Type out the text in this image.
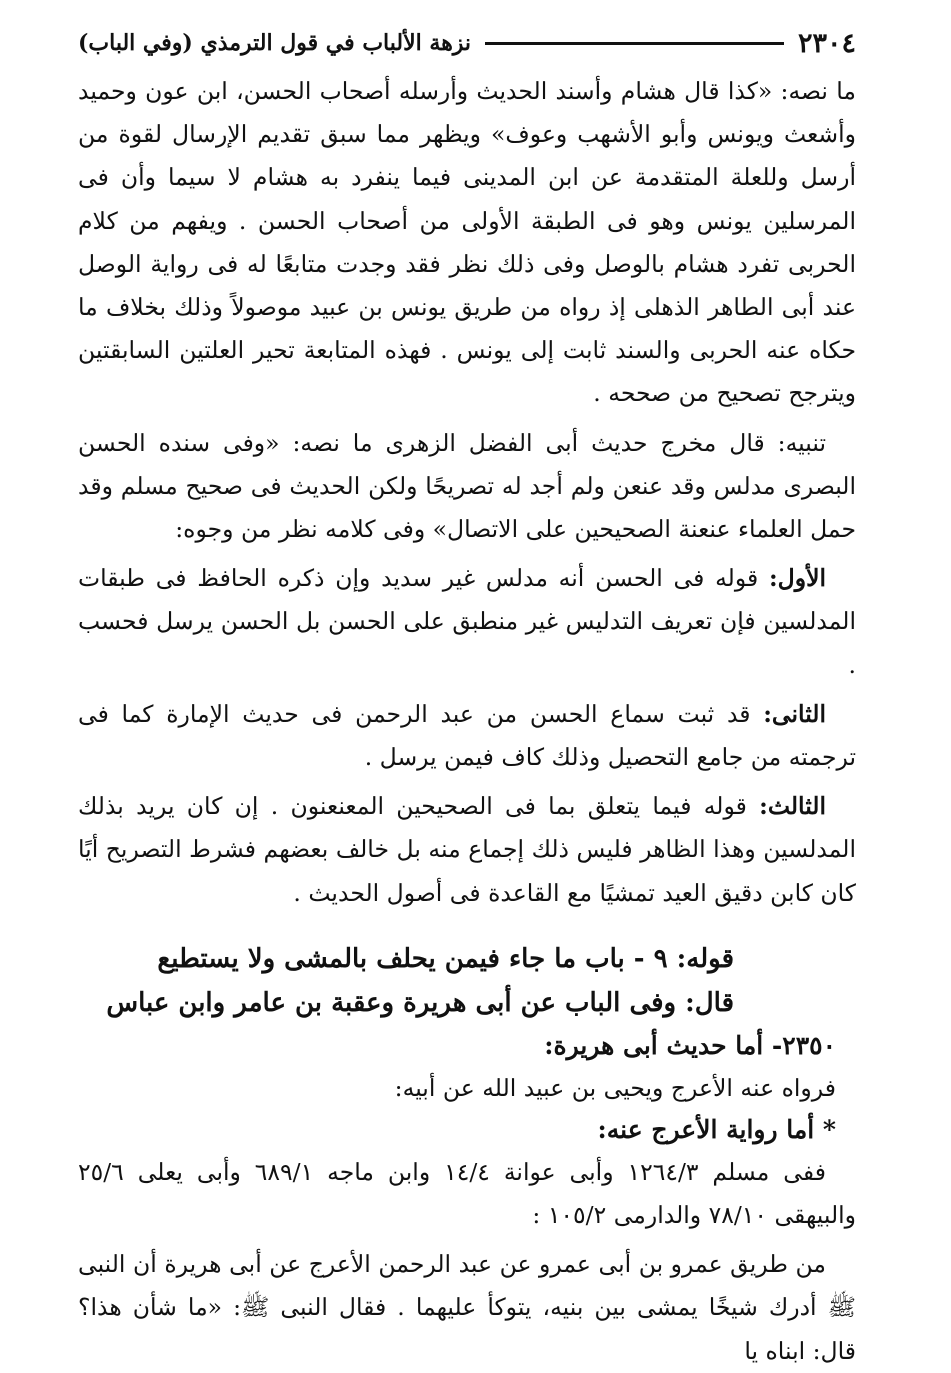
٢٣٠٤
نزهة الألباب في قول الترمذي (وفي الباب)

ما نصه: «كذا قال هشام وأسند الحديث وأرسله أصحاب الحسن، ابن عون وحميد وأشعث ويونس وأبو الأشهب وعوف» ويظهر مما سبق تقديم الإرسال لقوة من أرسل وللعلة المتقدمة عن ابن المدينى فيما ينفرد به هشام لا سيما وأن فى المرسلين يونس وهو فى الطبقة الأولى من أصحاب الحسن . ويفهم من كلام الحربى تفرد هشام بالوصل وفى ذلك نظر فقد وجدت متابعًا له فى رواية الوصل عند أبى الطاهر الذهلى إذ رواه من طريق يونس بن عبيد موصولاً وذلك بخلاف ما حكاه عنه الحربى والسند ثابت إلى يونس . فهذه المتابعة تحير العلتين السابقتين ويترجح تصحيح من صححه .

تنبيه: قال مخرج حديث أبى الفضل الزهرى ما نصه: «وفى سنده الحسن البصرى مدلس وقد عنعن ولم أجد له تصريحًا ولكن الحديث فى صحيح مسلم وقد حمل العلماء عنعنة الصحيحين على الاتصال» وفى كلامه نظر من وجوه:

الأول: قوله فى الحسن أنه مدلس غير سديد وإن ذكره الحافظ فى طبقات المدلسين فإن تعريف التدليس غير منطبق على الحسن بل الحسن يرسل فحسب .

الثانى: قد ثبت سماع الحسن من عبد الرحمن فى حديث الإمارة كما فى ترجمته من جامع التحصيل وذلك كاف فيمن يرسل .

الثالث: قوله فيما يتعلق بما فى الصحيحين المعنعنون . إن كان يريد بذلك المدلسين وهذا الظاهر فليس ذلك إجماع منه بل خالف بعضهم فشرط التصريح أيًا كان كابن دقيق العيد تمشيًا مع القاعدة فى أصول الحديث .

قوله: ٩ - باب ما جاء فيمن يحلف بالمشى ولا يستطيع

قال: وفى الباب عن أبى هريرة وعقبة بن عامر وابن عباس

٢٣٥٠- أما حديث أبى هريرة:

فرواه عنه الأعرج ويحيى بن عبيد الله عن أبيه:

* أما رواية الأعرج عنه:

ففى مسلم ١٢٦٤/٣ وأبى عوانة ١٤/٤ وابن ماجه ٦٨٩/١ وأبى يعلى ٢٥/٦ والبيهقى ٧٨/١٠ والدارمى ١٠٥/٢ :

من طريق عمرو بن أبى عمرو عن عبد الرحمن الأعرج عن أبى هريرة أن النبى ﷺ أدرك شيخًا يمشى بين بنيه، يتوكأ عليهما . فقال النبى ﷺ: «ما شأن هذا؟ قال: ابناه يا
